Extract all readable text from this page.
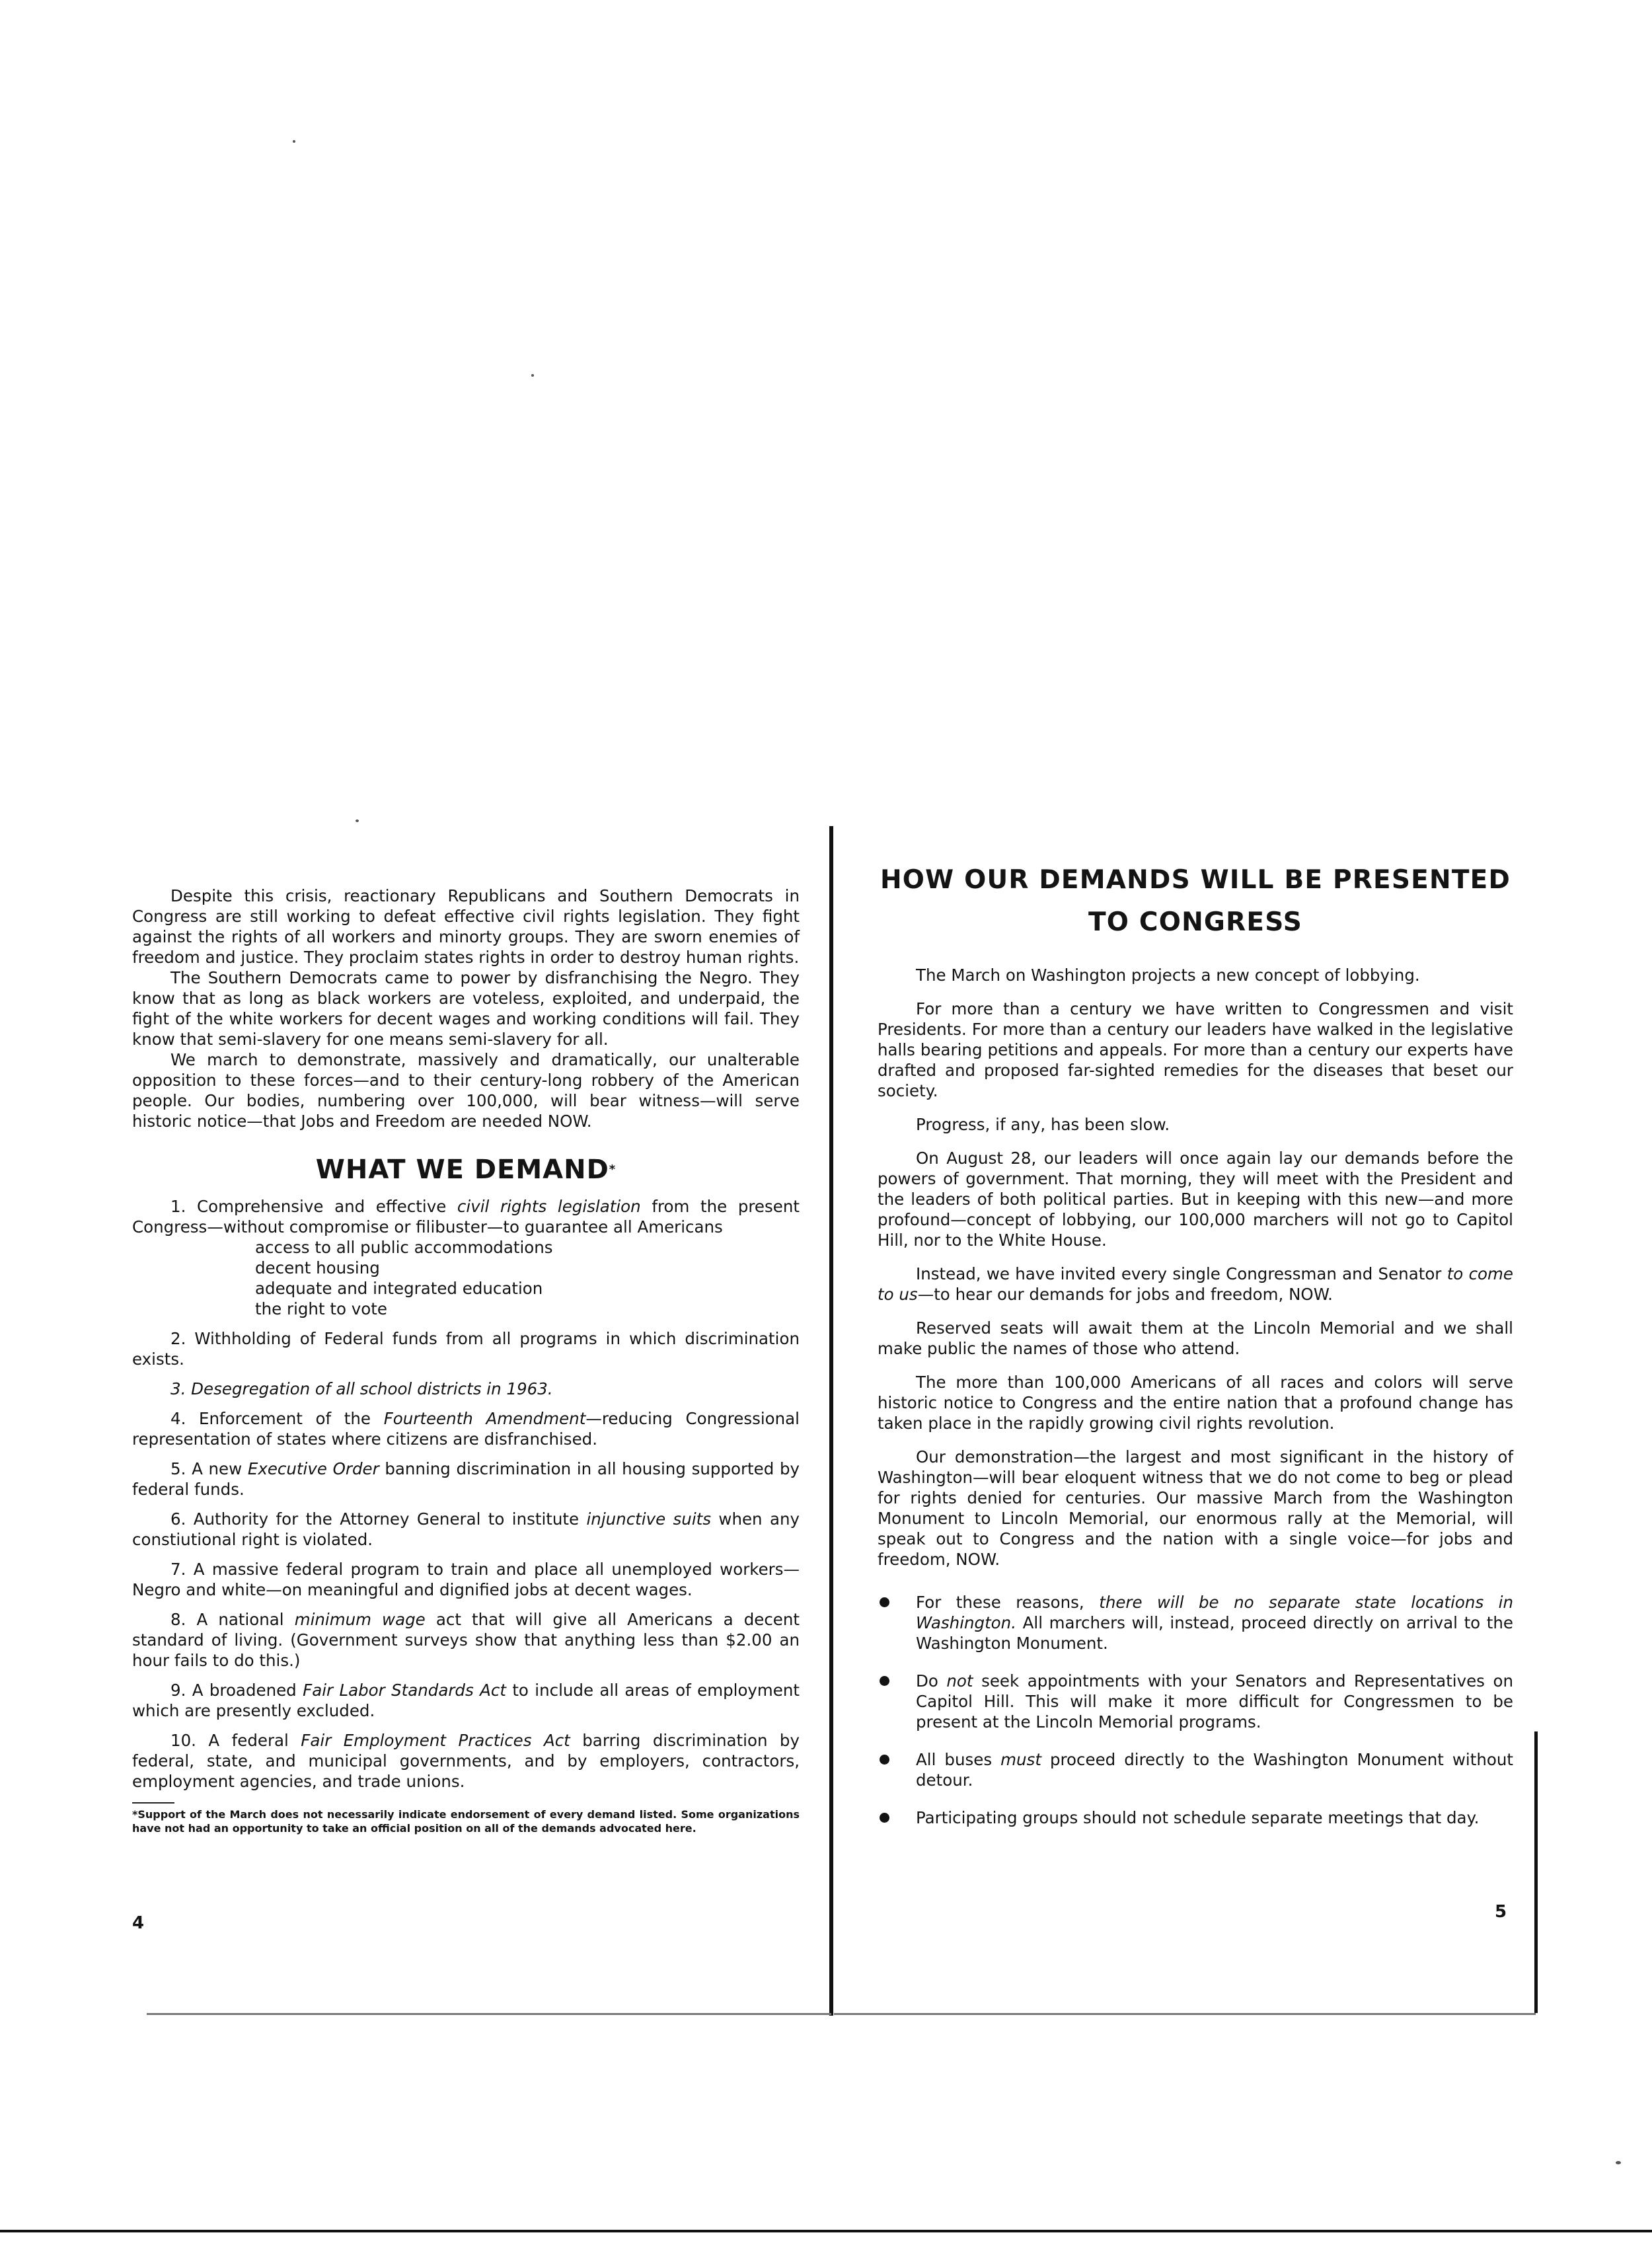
Despite this crisis, reactionary Republicans and Southern Democrats in Congress are still working to defeat effective civil rights legislation. They fight against the rights of all workers and minorty groups. They are sworn enemies of freedom and justice. They proclaim states rights in order to destroy human rights.

The Southern Democrats came to power by disfranchising the Negro. They know that as long as black workers are voteless, exploited, and underpaid, the fight of the white workers for decent wages and working conditions will fail. They know that semi-slavery for one means semi-slavery for all.

We march to demonstrate, massively and dramatically, our unalterable opposition to these forces—and to their century-long robbery of the American people. Our bodies, numbering over 100,000, will bear witness—will serve historic notice—that Jobs and Freedom are needed NOW.

WHAT WE DEMAND*

1. Comprehensive and effective civil rights legislation from the present Congress—without compromise or filibuster—to guarantee all Americans

access to all public accommodations
decent housing
adequate and integrated education
the right to vote

2. Withholding of Federal funds from all programs in which discrimination exists.

3. Desegregation of all school districts in 1963.

4. Enforcement of the Fourteenth Amendment—reducing Congressional representation of states where citizens are disfranchised.

5. A new Executive Order banning discrimination in all housing supported by federal funds.

6. Authority for the Attorney General to institute injunctive suits when any constiutional right is violated.

7. A massive federal program to train and place all unemployed workers—Negro and white—on meaningful and dignified jobs at decent wages.

8. A national minimum wage act that will give all Americans a decent standard of living. (Government surveys show that anything less than $2.00 an hour fails to do this.)

9. A broadened Fair Labor Standards Act to include all areas of employment which are presently excluded.

10. A federal Fair Employment Practices Act barring discrimination by federal, state, and municipal governments, and by employers, contractors, employment agencies, and trade unions.

*Support of the March does not necessarily indicate endorsement of every demand listed. Some organizations have not had an opportunity to take an official position on all of the demands advocated here.
4
HOW OUR DEMANDS WILL BE PRESENTED
TO CONGRESS

The March on Washington projects a new concept of lobbying.

For more than a century we have written to Congressmen and visit Presidents. For more than a century our leaders have walked in the legislative halls bearing petitions and appeals. For more than a century our experts have drafted and proposed far-sighted remedies for the diseases that beset our society.

Progress, if any, has been slow.

On August 28, our leaders will once again lay our demands before the powers of government. That morning, they will meet with the President and the leaders of both political parties. But in keeping with this new—and more profound—concept of lobbying, our 100,000 marchers will not go to Capitol Hill, nor to the White House.

Instead, we have invited every single Congressman and Senator to come to us—to hear our demands for jobs and freedom, NOW.

Reserved seats will await them at the Lincoln Memorial and we shall make public the names of those who attend.

The more than 100,000 Americans of all races and colors will serve historic notice to Congress and the entire nation that a profound change has taken place in the rapidly growing civil rights revolution.

Our demonstration—the largest and most significant in the history of Washington—will bear eloquent witness that we do not come to beg or plead for rights denied for centuries. Our massive March from the Washington Monument to Lincoln Memorial, our enormous rally at the Memorial, will speak out to Congress and the nation with a single voice—for jobs and freedom, NOW.

For these reasons, there will be no separate state locations in Washington. All marchers will, instead, proceed directly on arrival to the Washington Monument.
Do not seek appointments with your Senators and Representatives on Capitol Hill. This will make it more difficult for Congressmen to be present at the Lincoln Memorial programs.
All buses must proceed directly to the Washington Monument without detour.
Participating groups should not schedule separate meetings that day.
5
